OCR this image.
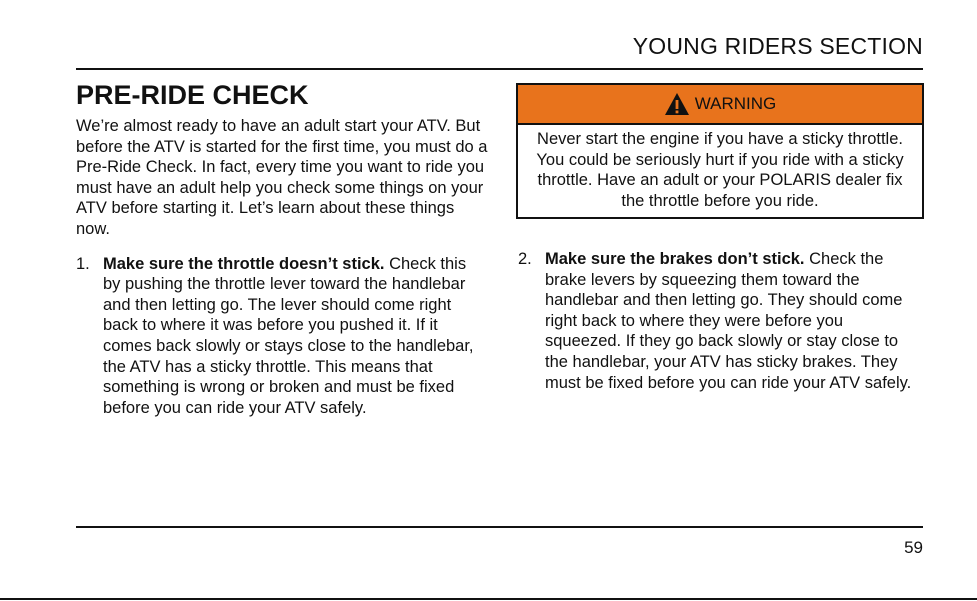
YOUNG RIDERS SECTION
PRE-RIDE CHECK

We’re almost ready to have an adult start your ATV. But before the ATV is started for the first time, you must do a Pre-Ride Check. In fact, every time you want to ride you must have an adult help you check some things on your ATV before starting it. Let’s learn about these things now.

1. Make sure the throttle doesn’t stick. Check this by pushing the throttle lever toward the handlebar and then letting go. The lever should come right back to where it was before you pushed it. If it comes back slowly or stays close to the handlebar, the ATV has a sticky throttle. This means that something is wrong or broken and must be fixed before you can ride your ATV safely.
WARNING
Never start the engine if you have a sticky throttle. You could be seriously hurt if you ride with a sticky throttle. Have an adult or your POLARIS dealer fix the throttle before you ride.
2. Make sure the brakes don’t stick. Check the brake levers by squeezing them toward the handlebar and then letting go. They should come right back to where they were before you squeezed. If they go back slowly or stay close to the handlebar, your ATV has sticky brakes. They must be fixed before you can ride your ATV safely.
59
